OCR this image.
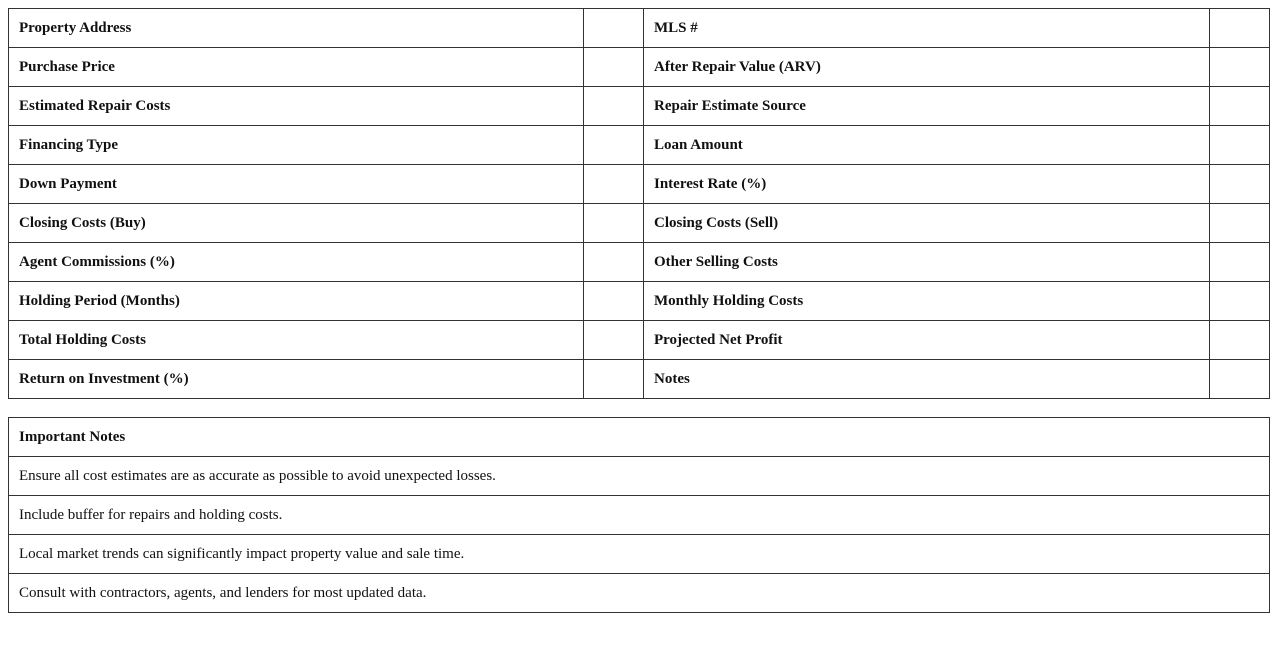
Property Address		MLS #	
Purchase Price		After Repair Value (ARV)	
Estimated Repair Costs		Repair Estimate Source	
Financing Type		Loan Amount	
Down Payment		Interest Rate (%)	
Closing Costs (Buy)		Closing Costs (Sell)	
Agent Commissions (%)		Other Selling Costs	
Holding Period (Months)		Monthly Holding Costs	
Total Holding Costs		Projected Net Profit	
Return on Investment (%)		Notes	
Important Notes
Ensure all cost estimates are as accurate as possible to avoid unexpected losses.
Include buffer for repairs and holding costs.
Local market trends can significantly impact property value and sale time.
Consult with contractors, agents, and lenders for most updated data.
